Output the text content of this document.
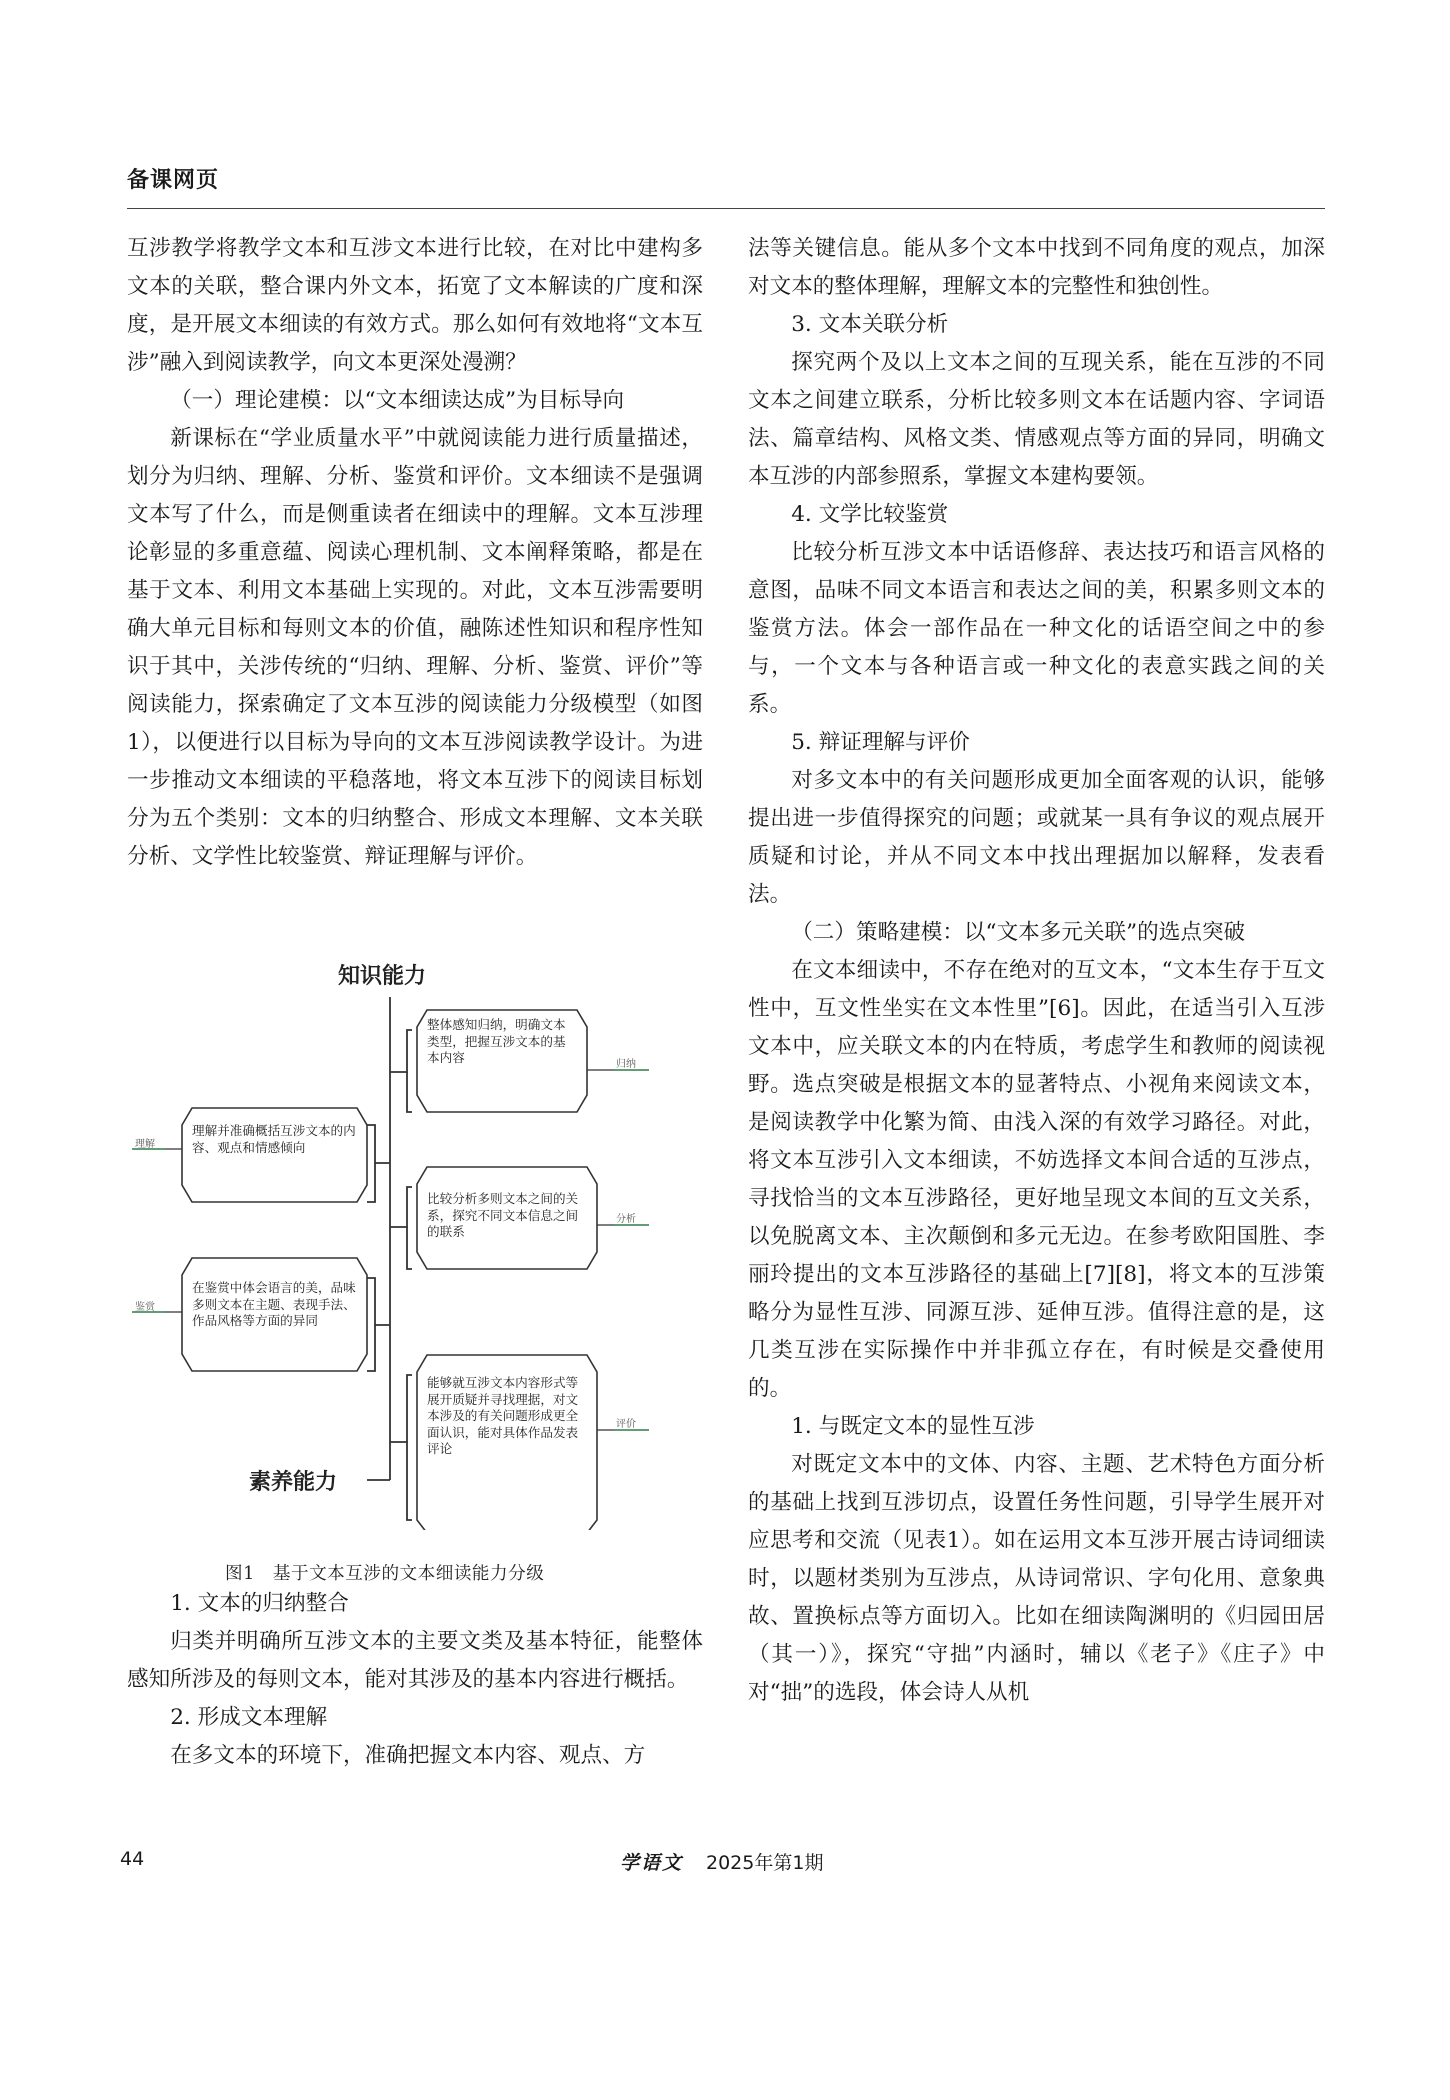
备课网页

互涉教学将教学文本和互涉文本进行比较，在对比中建构多文本的关联，整合课内外文本，拓宽了文本解读的广度和深度，是开展文本细读的有效方式。那么如何有效地将“文本互涉”融入到阅读教学，向文本更深处漫溯？

（一）理论建模：以“文本细读达成”为目标导向

新课标在“学业质量水平”中就阅读能力进行质量描述，划分为归纳、理解、分析、鉴赏和评价。文本细读不是强调文本写了什么，而是侧重读者在细读中的理解。文本互涉理论彰显的多重意蕴、阅读心理机制、文本阐释策略，都是在基于文本、利用文本基础上实现的。对此，文本互涉需要明确大单元目标和每则文本的价值，融陈述性知识和程序性知识于其中，关涉传统的“归纳、理解、分析、鉴赏、评价”等阅读能力，探索确定了文本互涉的阅读能力分级模型（如图1），以便进行以目标为导向的文本互涉阅读教学设计。为进一步推动文本细读的平稳落地，将文本互涉下的阅读目标划分为五个类别：文本的归纳整合、形成文本理解、文本关联分析、文学性比较鉴赏、辩证理解与评价。

知识能力
素养能力
整体感知归纳，明确文本类型，把握互涉文本的基本内容
理解并准确概括互涉文本的内容、观点和情感倾向
比较分析多则文本之间的关系，探究不同文本信息之间的联系
在鉴赏中体会语言的美，品味多则文本在主题、表现手法、作品风格等方面的异同
能够就互涉文本内容形式等展开质疑并寻找理据，对文本涉及的有关问题形成更全面认识，能对具体作品发表评论
归纳
理解
分析
鉴赏
评价
图1　基于文本互涉的文本细读能力分级

1. 文本的归纳整合

归类并明确所互涉文本的主要文类及基本特征，能整体感知所涉及的每则文本，能对其涉及的基本内容进行概括。

2. 形成文本理解

在多文本的环境下，准确把握文本内容、观点、方

法等关键信息。能从多个文本中找到不同角度的观点，加深对文本的整体理解，理解文本的完整性和独创性。

3. 文本关联分析

探究两个及以上文本之间的互现关系，能在互涉的不同文本之间建立联系，分析比较多则文本在话题内容、字词语法、篇章结构、风格文类、情感观点等方面的异同，明确文本互涉的内部参照系，掌握文本建构要领。

4. 文学比较鉴赏

比较分析互涉文本中话语修辞、表达技巧和语言风格的意图，品味不同文本语言和表达之间的美，积累多则文本的鉴赏方法。体会一部作品在一种文化的话语空间之中的参与，一个文本与各种语言或一种文化的表意实践之间的关系。

5. 辩证理解与评价

对多文本中的有关问题形成更加全面客观的认识，能够提出进一步值得探究的问题；或就某一具有争议的观点展开质疑和讨论，并从不同文本中找出理据加以解释，发表看法。

（二）策略建模：以“文本多元关联”的选点突破

在文本细读中，不存在绝对的互文本，“文本生存于互文性中，互文性坐实在文本性里”[6]。因此，在适当引入互涉文本中，应关联文本的内在特质，考虑学生和教师的阅读视野。选点突破是根据文本的显著特点、小视角来阅读文本，是阅读教学中化繁为简、由浅入深的有效学习路径。对此，将文本互涉引入文本细读，不妨选择文本间合适的互涉点，寻找恰当的文本互涉路径，更好地呈现文本间的互文关系，以免脱离文本、主次颠倒和多元无边。在参考欧阳国胜、李丽玲提出的文本互涉路径的基础上[7][8]，将文本的互涉策略分为显性互涉、同源互涉、延伸互涉。值得注意的是，这几类互涉在实际操作中并非孤立存在，有时候是交叠使用的。

1. 与既定文本的显性互涉

对既定文本中的文体、内容、主题、艺术特色方面分析的基础上找到互涉切点，设置任务性问题，引导学生展开对应思考和交流（见表1）。如在运用文本互涉开展古诗词细读时，以题材类别为互涉点，从诗词常识、字句化用、意象典故、置换标点等方面切入。比如在细读陶渊明的《归园田居（其一）》，探究“守拙”内涵时，辅以《老子》《庄子》中对“拙”的选段，体会诗人从机

44	学语文 2025年第1期
